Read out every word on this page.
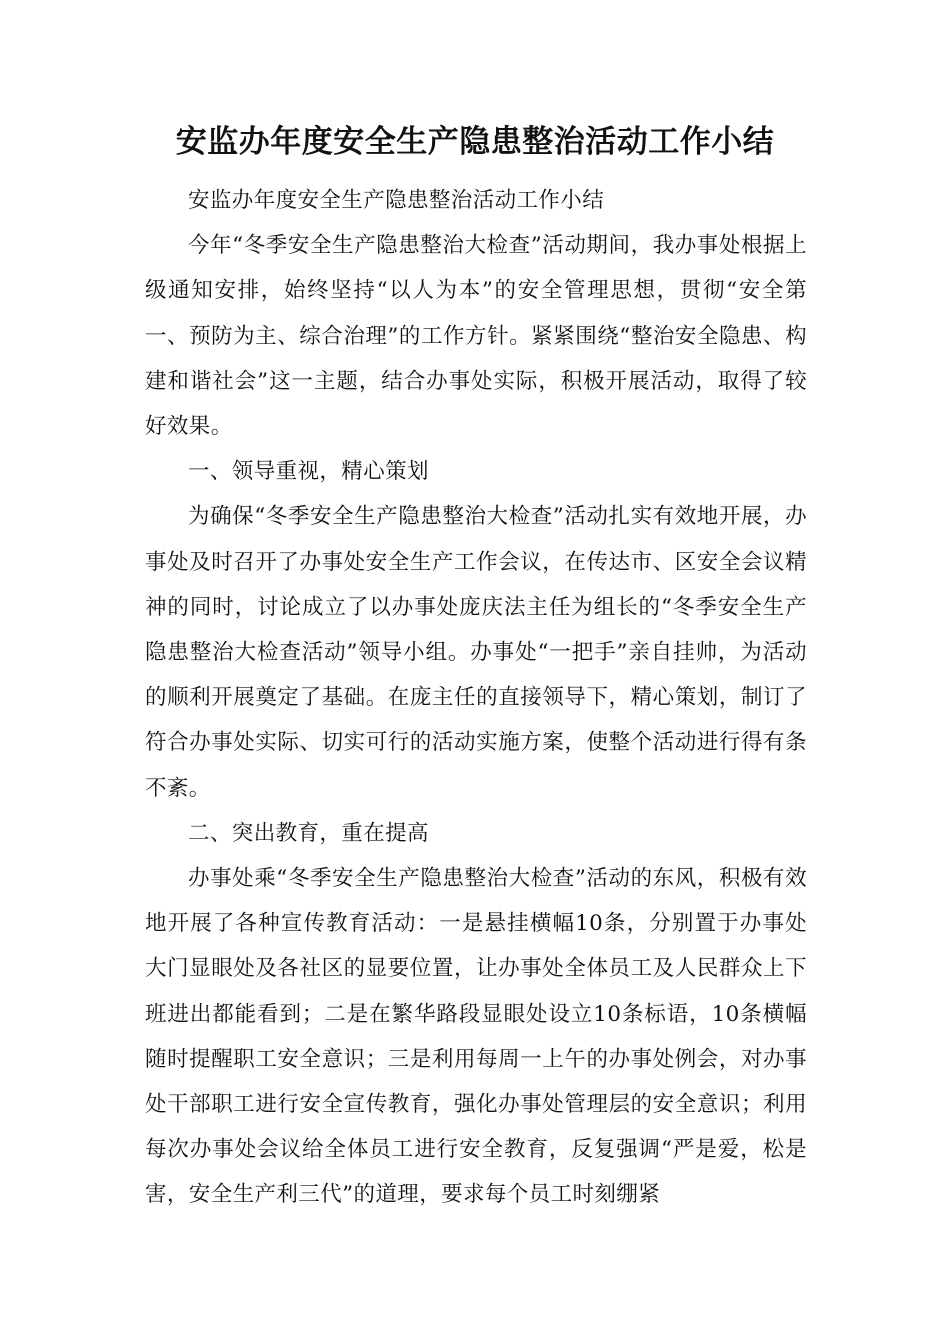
安监办年度安全生产隐患整治活动工作小结

安监办年度安全生产隐患整治活动工作小结

今年“冬季安全生产隐患整治大检查”活动期间，我办事处根据上级通知安排，始终坚持“以人为本”的安全管理思想，贯彻“安全第一、预防为主、综合治理”的工作方针。紧紧围绕“整治安全隐患、构建和谐社会”这一主题，结合办事处实际，积极开展活动，取得了较好效果。

一、领导重视，精心策划

为确保“冬季安全生产隐患整治大检查”活动扎实有效地开展，办事处及时召开了办事处安全生产工作会议，在传达市、区安全会议精神的同时，讨论成立了以办事处庞庆法主任为组长的“冬季安全生产隐患整治大检查活动”领导小组。办事处“一把手”亲自挂帅，为活动的顺利开展奠定了基础。在庞主任的直接领导下，精心策划，制订了符合办事处实际、切实可行的活动实施方案，使整个活动进行得有条不紊。

二、突出教育，重在提高

办事处乘“冬季安全生产隐患整治大检查”活动的东风，积极有效地开展了各种宣传教育活动：一是悬挂横幅10条，分别置于办事处大门显眼处及各社区的显要位置，让办事处全体员工及人民群众上下班进出都能看到；二是在繁华路段显眼处设立10条标语，10条横幅随时提醒职工安全意识；三是利用每周一上午的办事处例会，对办事处干部职工进行安全宣传教育，强化办事处管理层的安全意识；利用每次办事处会议给全体员工进行安全教育，反复强调“严是爱，松是害，安全生产利三代”的道理，要求每个员工时刻绷紧
